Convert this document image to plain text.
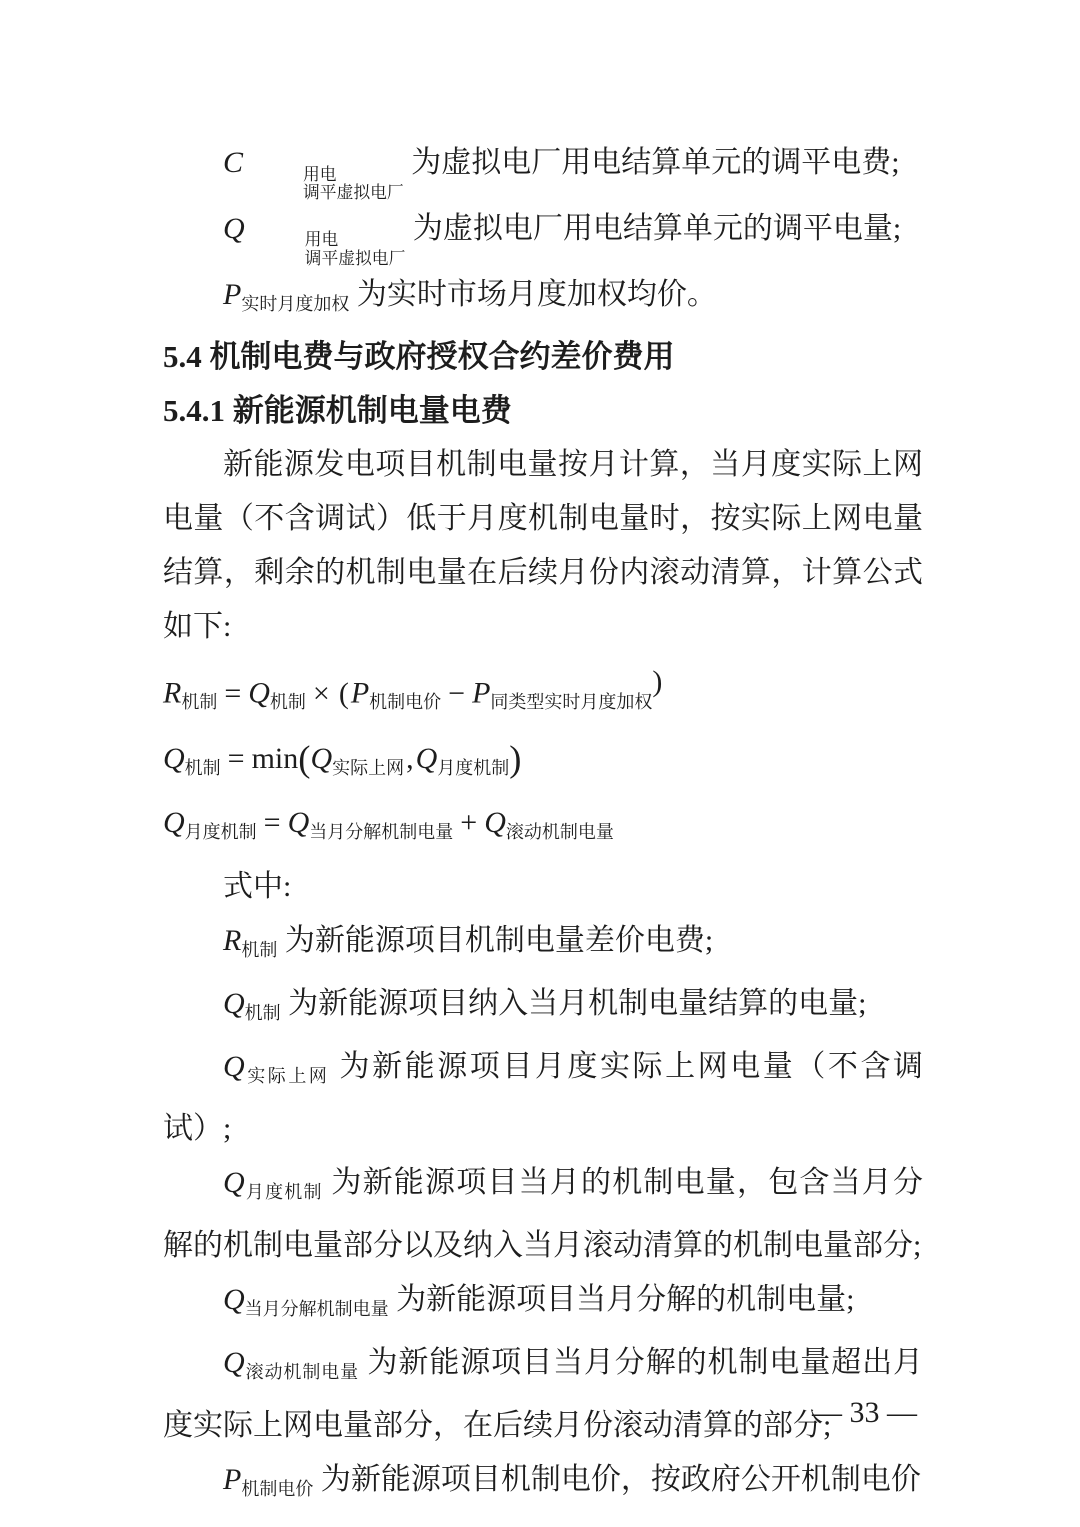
C	用电
调平虚拟电厂
为虚拟电厂用电结算单元的调平电费;

Q	用电
调平虚拟电厂
为虚拟电厂用电结算单元的调平电量;

P实时月度加权 为实时市场月度加权均价。

5.4 机制电费与政府授权合约差价费用
5.4.1 新能源机制电量电费

新能源发电项目机制电量按月计算，当月度实际上网电量（不含调试）低于月度机制电量时，按实际上网电量结算，剩余的机制电量在后续月份内滚动清算，计算公式如下:

R机制 = Q机制 × (P机制电价 − P同类型实时月度加权)
Q机制 = min(Q实际上网,Q月度机制)
Q月度机制 = Q当月分解机制电量 + Q滚动机制电量

式中:

R机制 为新能源项目机制电量差价电费;

Q机制 为新能源项目纳入当月机制电量结算的电量;

Q实际上网 为新能源项目月度实际上网电量（不含调试）;

Q月度机制 为新能源项目当月的机制电量，包含当月分解的机制电量部分以及纳入当月滚动清算的机制电量部分;

Q当月分解机制电量 为新能源项目当月分解的机制电量;

Q滚动机制电量 为新能源项目当月分解的机制电量超出月度实际上网电量部分，在后续月份滚动清算的部分;

P机制电价 为新能源项目机制电价，按政府公开机制电价

— 33 —
